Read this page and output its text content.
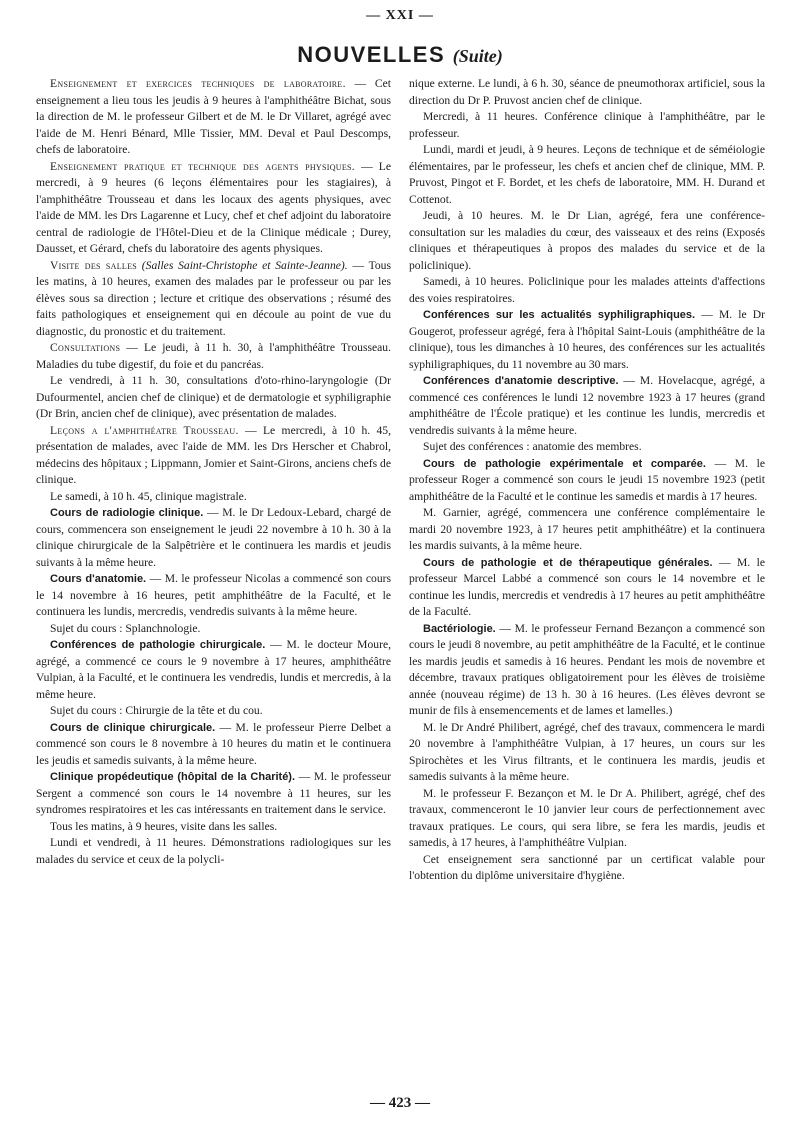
— XXI —
NOUVELLES (Suite)

Enseignement et exercices techniques de laboratoire. — Cet enseignement a lieu tous les jeudis à 9 heures à l'amphithéâtre Bichat, sous la direction de M. le professeur Gilbert et de M. le Dr Villaret, agrégé avec l'aide de M. Henri Bénard, Mlle Tissier, MM. Deval et Paul Descomps, chefs de laboratoire.

Enseignement pratique et technique des agents physiques. — Le mercredi, à 9 heures (6 leçons élémentaires pour les stagiaires), à l'amphithéâtre Trousseau et dans les locaux des agents physiques, avec l'aide de MM. les Drs Lagarenne et Lucy, chef et chef adjoint du laboratoire central de radiologie de l'Hôtel-Dieu et de la Clinique médicale ; Durey, Dausset, et Gérard, chefs du laboratoire des agents physiques.

Visite des salles (Salles Saint-Christophe et Sainte-Jeanne). — Tous les matins, à 10 heures, examen des malades par le professeur ou par les élèves sous sa direction ; lecture et critique des observations ; résumé des faits pathologiques et enseignement qui en découle au point de vue du diagnostic, du pronostic et du traitement.

Consultations — Le jeudi, à 11 h. 30, à l'amphithéâtre Trousseau. Maladies du tube digestif, du foie et du pancréas.

Le vendredi, à 11 h. 30, consultations d'oto-rhino-laryngologie (Dr Dufourmentel, ancien chef de clinique) et de dermatologie et syphiligraphie (Dr Brin, ancien chef de clinique), avec présentation de malades.

Leçons a l'amphithéatre Trousseau. — Le mercredi, à 10 h. 45, présentation de malades, avec l'aide de MM. les Drs Herscher et Chabrol, médecins des hôpitaux ; Lippmann, Jomier et Saint-Girons, anciens chefs de clinique.

Le samedi, à 10 h. 45, clinique magistrale.

Cours de radiologie clinique. — M. le Dr Ledoux-Lebard, chargé de cours, commencera son enseignement le jeudi 22 novembre à 10 h. 30 à la clinique chirurgicale de la Salpêtrière et le continuera les mardis et jeudis suivants à la même heure.

Cours d'anatomie. — M. le professeur Nicolas a commencé son cours le 14 novembre à 16 heures, petit amphithéâtre de la Faculté, et le continuera les lundis, mercredis, vendredis suivants à la même heure.

Sujet du cours : Splanchnologie.

Conférences de pathologie chirurgicale. — M. le docteur Moure, agrégé, a commencé ce cours le 9 novembre à 17 heures, amphithéâtre Vulpian, à la Faculté, et le continuera les vendredis, lundis et mercredis, à la même heure.

Sujet du cours : Chirurgie de la tête et du cou.

Cours de clinique chirurgicale. — M. le professeur Pierre Delbet a commencé son cours le 8 novembre à 10 heures du matin et le continuera les jeudis et samedis suivants, à la même heure.

Clinique propédeutique (hôpital de la Charité). — M. le professeur Sergent a commencé son cours le 14 novembre à 11 heures, sur les syndromes respiratoires et les cas intéressants en traitement dans le service.

Tous les matins, à 9 heures, visite dans les salles.

Lundi et vendredi, à 11 heures. Démonstrations radiologiques sur les malades du service et ceux de la polycli-

nique externe. Le lundi, à 6 h. 30, séance de pneumothorax artificiel, sous la direction du Dr P. Pruvost ancien chef de clinique.

Mercredi, à 11 heures. Conférence clinique à l'amphithéâtre, par le professeur.

Lundi, mardi et jeudi, à 9 heures. Leçons de technique et de séméiologie élémentaires, par le professeur, les chefs et ancien chef de clinique, MM. P. Pruvost, Pingot et F. Bordet, et les chefs de laboratoire, MM. H. Durand et Cottenot.

Jeudi, à 10 heures. M. le Dr Lian, agrégé, fera une conférence-consultation sur les maladies du cœur, des vaisseaux et des reins (Exposés cliniques et thérapeutiques à propos des malades du service et de la policlinique).

Samedi, à 10 heures. Policlinique pour les malades atteints d'affections des voies respiratoires.

Conférences sur les actualités syphiligraphiques. — M. le Dr Gougerot, professeur agrégé, fera à l'hôpital Saint-Louis (amphithéâtre de la clinique), tous les dimanches à 10 heures, des conférences sur les actualités syphiligraphiques, du 11 novembre au 30 mars.

Conférences d'anatomie descriptive. — M. Hovelacque, agrégé, a commencé ces conférences le lundi 12 novembre 1923 à 17 heures (grand amphithéâtre de l'École pratique) et les continue les lundis, mercredis et vendredis suivants à la même heure.

Sujet des conférences : anatomie des membres.

Cours de pathologie expérimentale et comparée. — M. le professeur Roger a commencé son cours le jeudi 15 novembre 1923 (petit amphithéâtre de la Faculté et le continue les samedis et mardis à 17 heures.

M. Garnier, agrégé, commencera une conférence complémentaire le mardi 20 novembre 1923, à 17 heures petit amphithéâtre) et la continuera les mardis suivants, à la même heure.

Cours de pathologie et de thérapeutique générales. — M. le professeur Marcel Labbé a commencé son cours le 14 novembre et le continue les lundis, mercredis et vendredis à 17 heures au petit amphithéâtre de la Faculté.

Bactériologie. — M. le professeur Fernand Bezançon a commencé son cours le jeudi 8 novembre, au petit amphithéâtre de la Faculté, et le continue les mardis jeudis et samedis à 16 heures. Pendant les mois de novembre et décembre, travaux pratiques obligatoirement pour les élèves de troisième année (nouveau régime) de 13 h. 30 à 16 heures. (Les élèves devront se munir de fils à ensemencements et de lames et lamelles.)

M. le Dr André Philibert, agrégé, chef des travaux, commencera le mardi 20 novembre à l'amphithéâtre Vulpian, à 17 heures, un cours sur les Spirochètes et les Virus filtrants, et le continuera les mardis, jeudis et samedis suivants à la même heure.

M. le professeur F. Bezançon et M. le Dr A. Philibert, agrégé, chef des travaux, commenceront le 10 janvier leur cours de perfectionnement avec travaux pratiques. Le cours, qui sera libre, se fera les mardis, jeudis et samedis, à 17 heures, à l'amphithéâtre Vulpian.

Cet enseignement sera sanctionné par un certificat valable pour l'obtention du diplôme universitaire d'hygiène.

— 423 —
